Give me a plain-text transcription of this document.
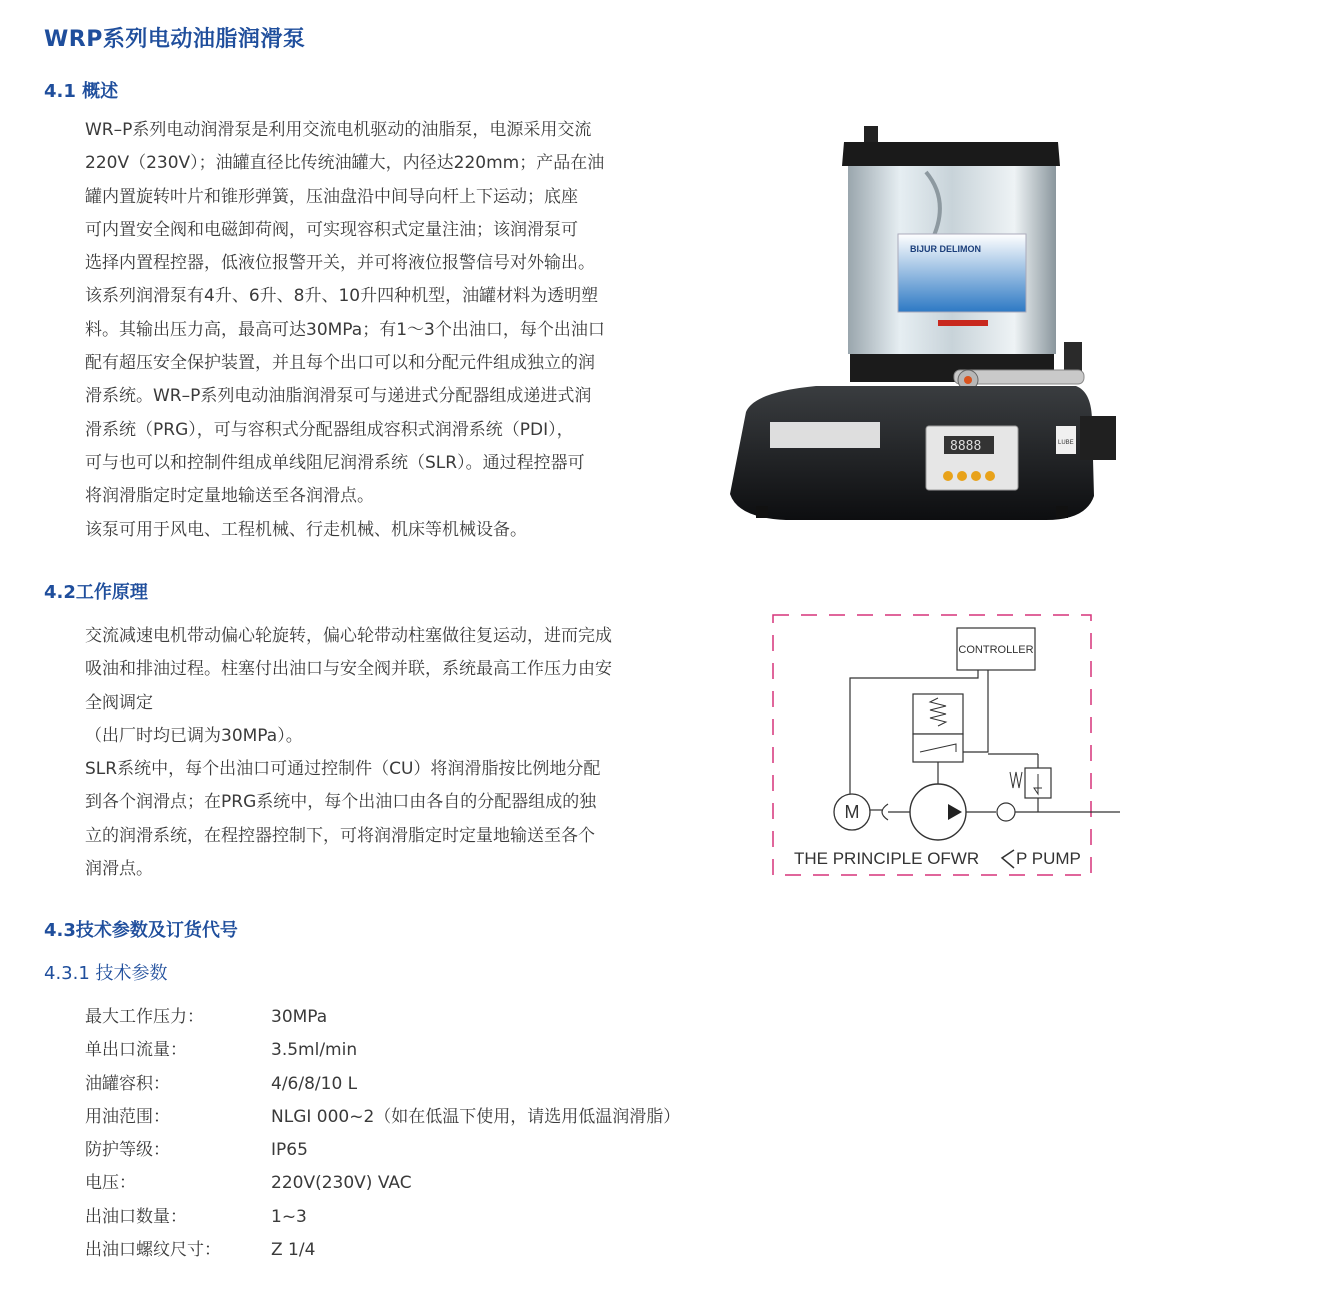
WRP系列电动油脂润滑泵
4.1 概述
WR–P系列电动润滑泵是利用交流电机驱动的油脂泵，电源采用交流
220V（230V）；油罐直径比传统油罐大，内径达220mm；产品在油
罐内置旋转叶片和锥形弹簧，压油盘沿中间导向杆上下运动；底座
可内置安全阀和电磁卸荷阀，可实现容积式定量注油；该润滑泵可
选择内置程控器，低液位报警开关，并可将液位报警信号对外输出。
该系列润滑泵有4升、6升、8升、10升四种机型，油罐材料为透明塑
料。其输出压力高，最高可达30MPa；有1～3个出油口，每个出油口
配有超压安全保护装置，并且每个出口可以和分配元件组成独立的润
滑系统。WR–P系列电动油脂润滑泵可与递进式分配器组成递进式润
滑系统（PRG），可与容积式分配器组成容积式润滑系统（PDI），
可与也可以和控制件组成单线阻尼润滑系统（SLR）。通过程控器可
将润滑脂定时定量地输送至各润滑点。
该泵可用于风电、工程机械、行走机械、机床等机械设备。
BIJUR DELIMON
8888	LUBE
4.2工作原理
交流减速电机带动偏心轮旋转，偏心轮带动柱塞做往复运动，进而完成
吸油和排油过程。柱塞付出油口与安全阀并联，系统最高工作压力由安
全阀调定
（出厂时均已调为30MPa）。
SLR系统中，每个出油口可通过控制件（CU）将润滑脂按比例地分配
到各个润滑点；在PRG系统中，每个出油口由各自的分配器组成的独
立的润滑系统，在程控器控制下，可将润滑脂定时定量地输送至各个
润滑点。
CONTROLLER
M
THE PRINCIPLE OFWR P PUMP
4.3技术参数及订货代号
4.3.1 技术参数
最大工作压力：	30MPa
单出口流量：	3.5ml/min
油罐容积：	4/6/8/10 L
用油范围：	NLGI 000~2（如在低温下使用，请选用低温润滑脂）
防护等级：	IP65
电压：	220V(230V) VAC
出油口数量：	1~3
出油口螺纹尺寸：	Z 1/4
